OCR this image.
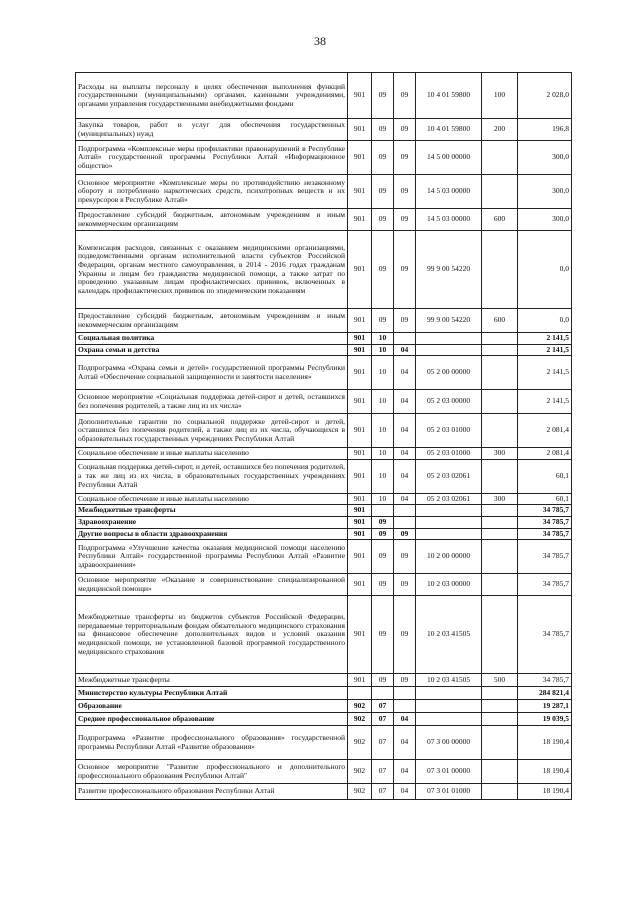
38
Расходы на выплаты персоналу в целях обеспечения выполнения функций государственными (муниципальными) органами, казенными учреждениями, органами управления государственными внебюджетными фондами	901	09	09	10 4 01 59800	100	2 028,0
Закупка товаров, работ и услуг для обеспечения государственных (муниципальных) нужд	901	09	09	10 4 01 59800	200	196,8
Подпрограмма «Комплексные меры профилактики правонарушений в Республике Алтай» государственной программы Республики Алтай «Информационное общество»	901	09	09	14 5 00 00000		300,0
Основное мероприятие «Комплексные меры по противодействию незаконному обороту и потреблению наркотических средств, психотропных веществ и их прекурсоров в Республике Алтай»	901	09	09	14 5 03 00000		300,0
Предоставление субсидий бюджетным, автономным учреждениям и иным некоммерческим организациям	901	09	09	14 5 03 00000	600	300,0
Компенсация расходов, связанных с оказанием медицинскими организациями, подведомственными органам исполнительной власти субъектов Российской Федерации, органам местного самоуправления, в 2014 - 2016 годах гражданам Украины и лицам без гражданства медицинской помощи, а также затрат по проведению указанным лицам профилактических прививок, включенных в календарь профилактических прививок по эпидемическим показаниям	901	09	09	99 9 00 54220		0,0
Предоставление субсидий бюджетным, автономным учреждениям и иным некоммерческим организациям	901	09	09	99 9 00 54220	600	0,0
Социальная политика	901	10				2 141,5
Охрана семьи и детства	901	10	04			2 141,5
Подпрограмма «Охрана семьи и детей» государственной программы Республики Алтай «Обеспечение социальной защищенности и занятости населения»	901	10	04	05 2 00 00000		2 141,5
Основное мероприятие «Социальная поддержка детей-сирот и детей, оставшихся без попечения родителей, а также лиц из их числа»	901	10	04	05 2 03 00000		2 141,5
Дополнительные гарантии по социальной поддержке детей-сирот и детей, оставшихся без попечения родителей, а также лиц из их числа, обучающихся в образовательных государственных учреждениях Республики Алтай	901	10	04	05 2 03 01000		2 081,4
Социальное обеспечение и иные выплаты населению	901	10	04	05 2 03 01000	300	2 081,4
Социальная поддержка детей-сирот, и детей, оставшихся без попечения родителей, а так же лиц из их числа, в образовательных государственных учреждениях Республики Алтай	901	10	04	05 2 03 02061		60,1
Социальное обеспечение и иные выплаты населению	901	10	04	05 2 03 02061	300	60,1
Межбюджетные трансферты	901					34 785,7
Здравоохранение	901	09				34 785,7
Другие вопросы в области здравоохранения	901	09	09			34 785,7
Подпрограмма «Улучшение качества оказания медицинской помощи населению Республики Алтай» государственной программы Республики Алтай «Развитие здравоохранения»	901	09	09	10 2 00 00000		34 785,7
Основное мероприятие «Оказание и совершенствование специализированной медицинской помощи»	901	09	09	10 2 03 00000		34 785,7
Межбюджетные трансферты из бюджетов субъектов Российской Федерации, передаваемые территориальным фондам обязательного медицинского страхования на финансовое обеспечение дополнительных видов и условий оказания медицинской помощи, не установленной базовой программой государственного медицинского страхования	901	09	09	10 2 03 41505		34 785,7
Межбюджетные трансферты	901	09	09	10 2 03 41505	500	34 785,7
Министерство культуры Республики Алтай						284 821,4
Образование	902	07				19 287,1
Среднее профессиональное образование	902	07	04			19 039,5
Подпрограмма «Развитие профессионального образования» государственной программы Республики Алтай «Развитие образования»	902	07	04	07 3 00 00000		18 190,4
Основное мероприятие "Развитие профессионального и дополнительного профессионального образования Республики Алтай"	902	07	04	07 3 01 00000		18 190,4
Развитие профессионального образования Республики Алтай	902	07	04	07 3 01 01000		18 190,4
